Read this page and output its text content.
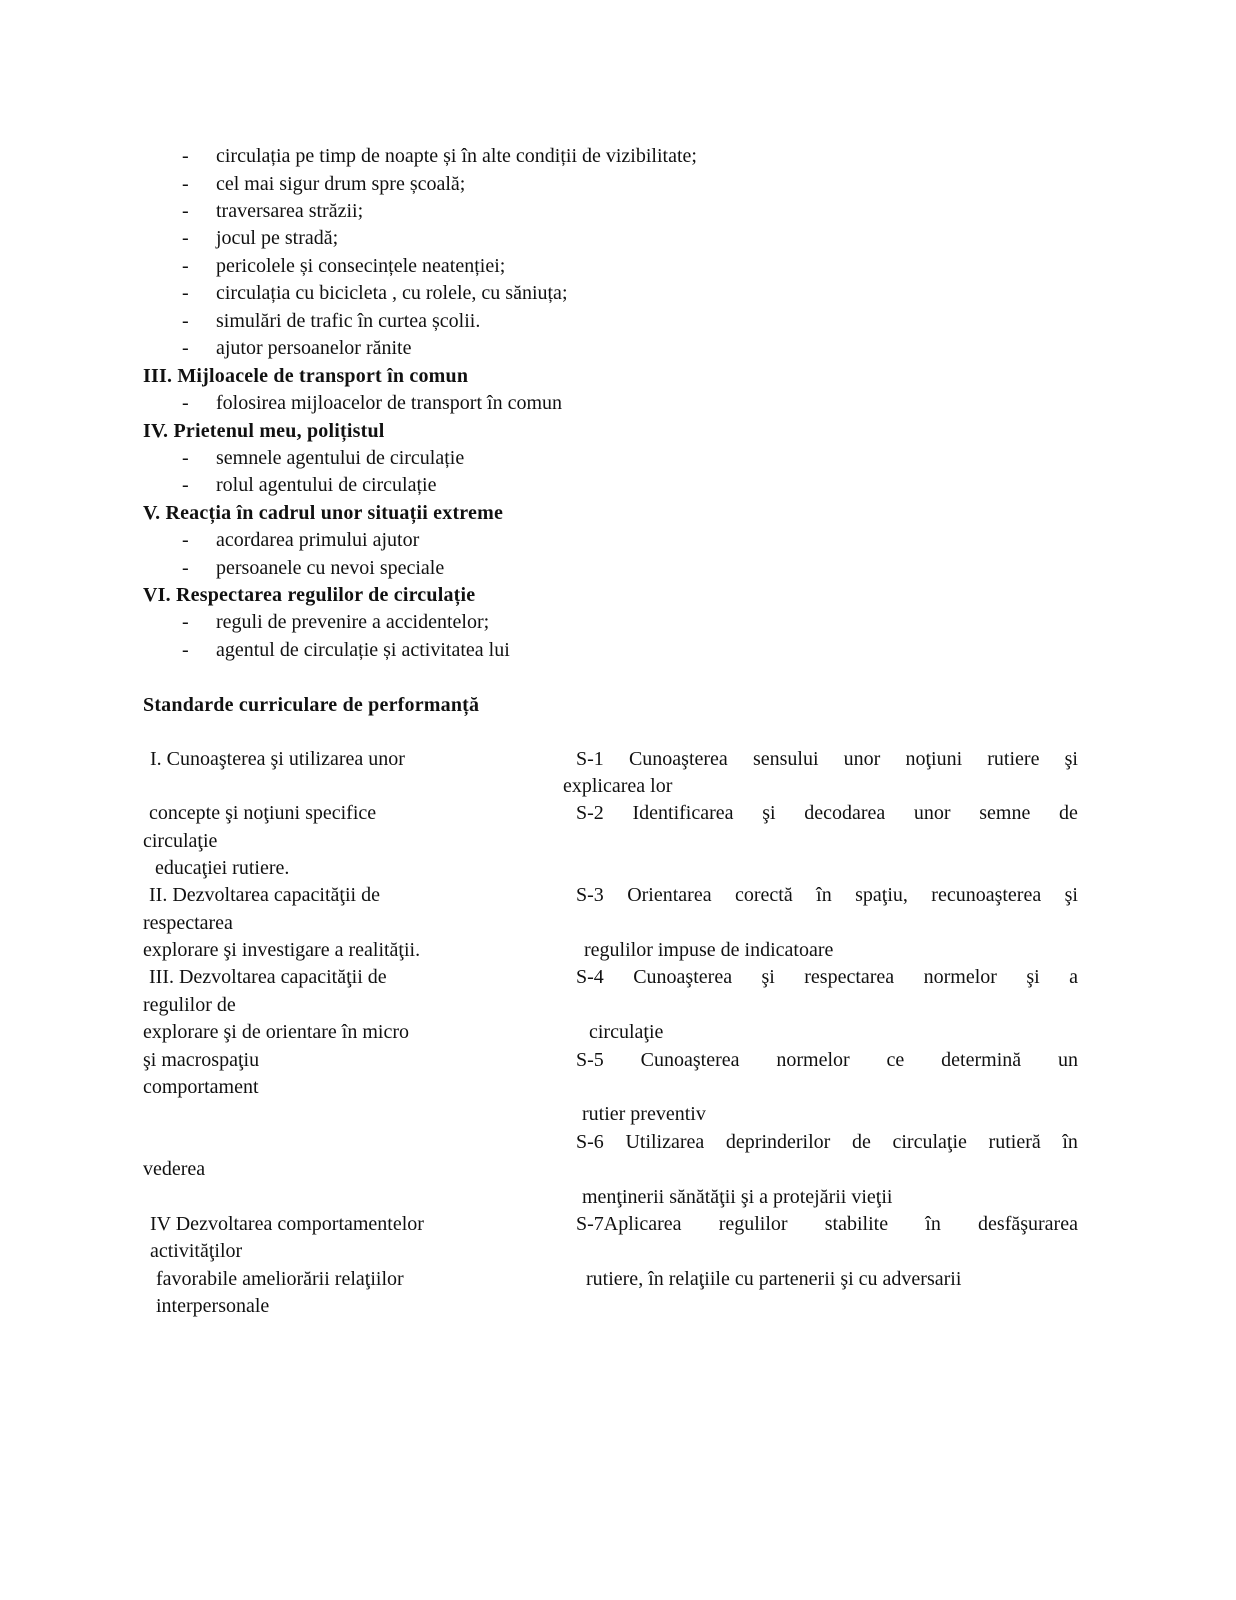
- circulația pe timp de noapte și în alte condiții de vizibilitate;
- cel mai sigur drum spre școală;
- traversarea străzii;
- jocul pe stradă;
- pericolele și consecințele neatenției;
- circulația cu bicicleta , cu rolele, cu săniuța;
- simulări de trafic în curtea școlii.
- ajutor persoanelor rănite
III. Mijloacele de transport în comun
- folosirea mijloacelor de transport în comun
IV. Prietenul meu, polițistul
- semnele agentului de circulație
- rolul agentului de circulație
V. Reacția în cadrul unor situații extreme
- acordarea primului ajutor
- persoanele cu nevoi speciale
VI. Respectarea regulilor de circulație
- reguli de prevenire a accidentelor;
- agentul de circulație și activitatea lui
Standarde curriculare de performanță
I. Cunoaşterea şi utilizarea unor
concepte şi noţiuni specifice
circulaţie
educaţiei rutiere.
II. Dezvoltarea capacităţii de
respectarea
explorare şi investigare a realităţii.
III. Dezvoltarea capacităţii de
regulilor de
explorare şi de orientare în micro
şi macrospaţiu
comportament
vederea
IV Dezvoltarea comportamentelor
activităţilor
favorabile ameliorării relaţiilor
interpersonale
S-1 Cunoaşterea sensului unor noţiuni rutiere şi
explicarea lor
S-2 Identificarea şi decodarea unor semne de
S-3 Orientarea corectă în spaţiu, recunoaşterea şi
regulilor impuse de indicatoare
S-4 Cunoaşterea şi respectarea normelor şi a
circulaţie
S-5 Cunoaşterea normelor ce determină un
rutier preventiv
S-6 Utilizarea deprinderilor de circulaţie rutieră în
menţinerii sănătăţii şi a protejării vieţii
S-7Aplicarea regulilor stabilite în desfăşurarea
rutiere, în relaţiile cu partenerii şi cu adversarii
